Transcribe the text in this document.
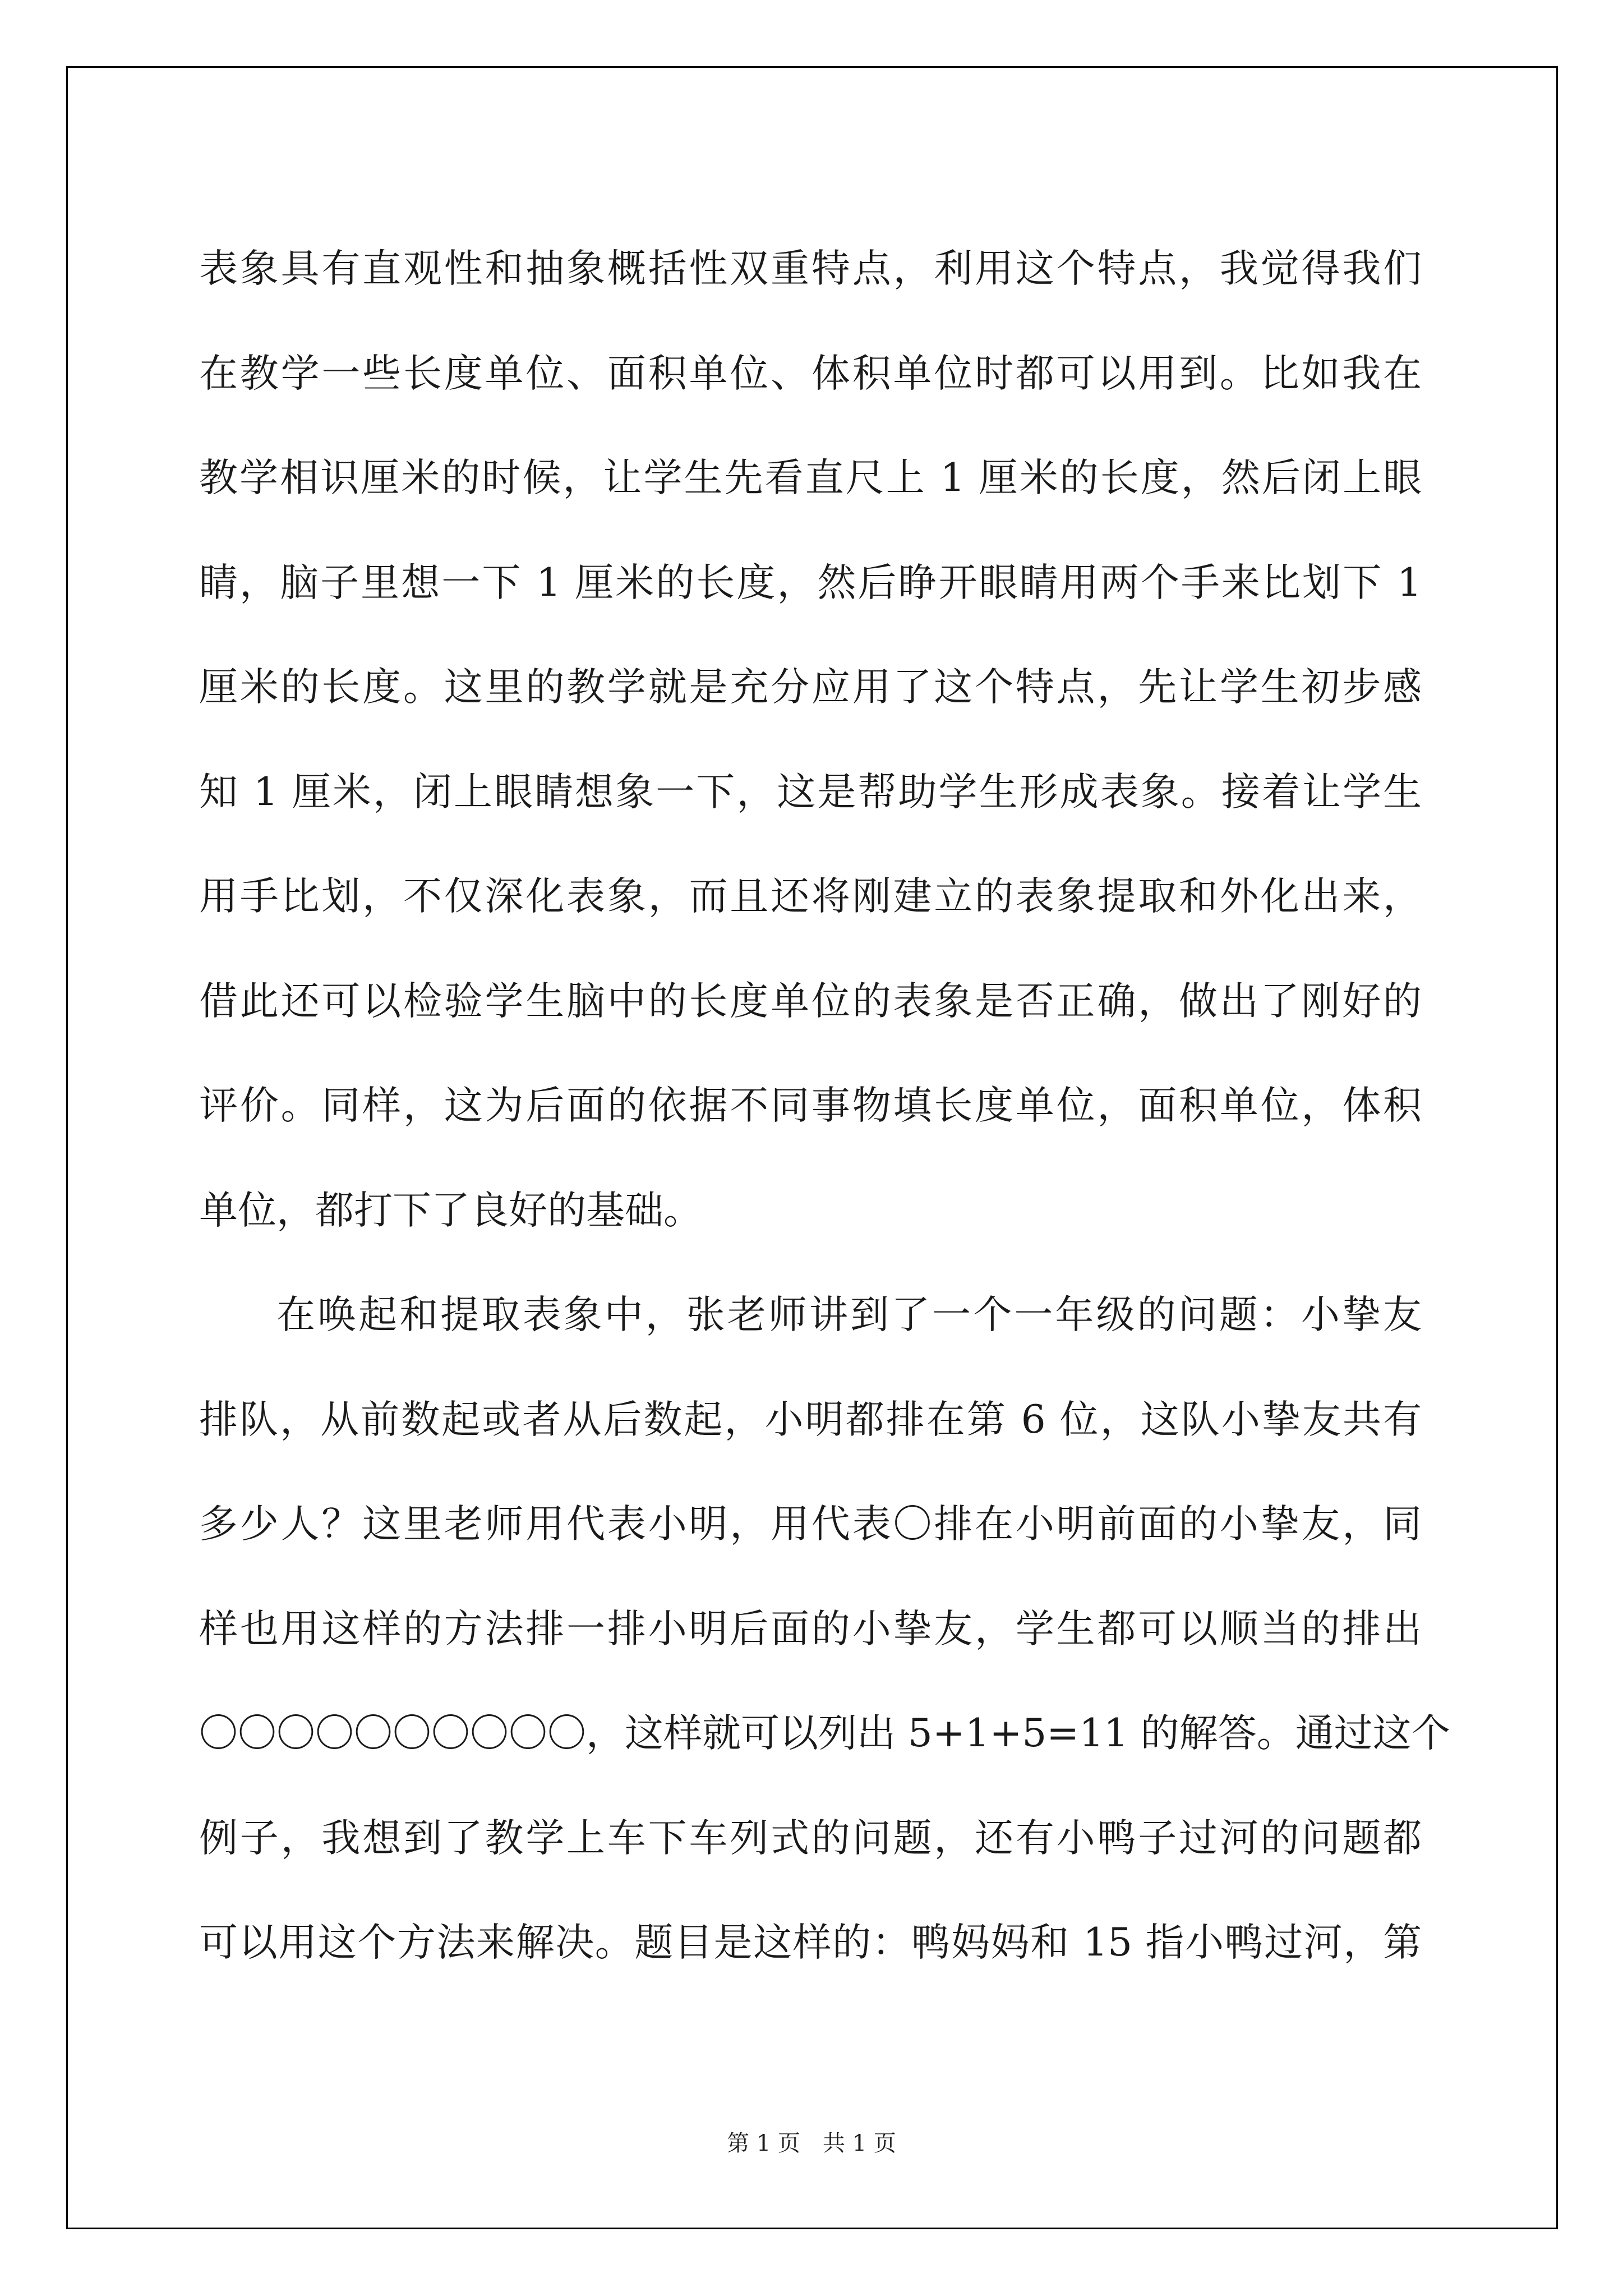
表象具有直观性和抽象概括性双重特点，利用这个特点，我觉得我们
在教学一些长度单位、面积单位、体积单位时都可以用到。比如我在
教学相识厘米的时候，让学生先看直尺上 1 厘米的长度，然后闭上眼
睛，脑子里想一下 1 厘米的长度，然后睁开眼睛用两个手来比划下 1
厘米的长度。这里的教学就是充分应用了这个特点，先让学生初步感
知 1 厘米，闭上眼睛想象一下，这是帮助学生形成表象。接着让学生
用手比划，不仅深化表象，而且还将刚建立的表象提取和外化出来，
借此还可以检验学生脑中的长度单位的表象是否正确，做出了刚好的
评价。同样，这为后面的依据不同事物填长度单位，面积单位，体积
单位，都打下了良好的基础。
在唤起和提取表象中，张老师讲到了一个一年级的问题：小挚友
排队，从前数起或者从后数起，小明都排在第 6 位，这队小挚友共有
多少人？这里老师用代表小明，用代表〇排在小明前面的小挚友，同
样也用这样的方法排一排小明后面的小挚友，学生都可以顺当的排出
〇〇〇〇〇〇〇〇〇〇，这样就可以列出 5+1+5=11 的解答。通过这个
例子，我想到了教学上车下车列式的问题，还有小鸭子过河的问题都
可以用这个方法来解决。题目是这样的：鸭妈妈和 15 指小鸭过河，第
第 1 页　共 1 页
